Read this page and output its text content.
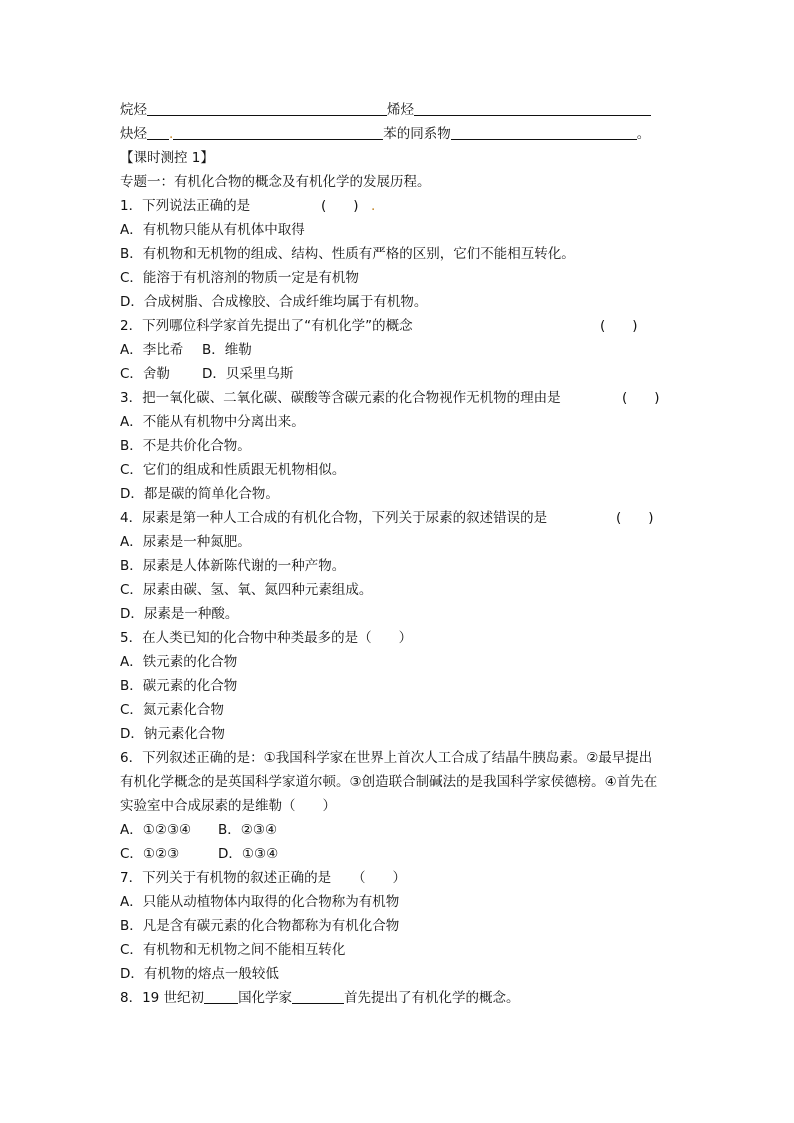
烷烃	烯烃
炔烃 .	苯的同系物	。
【课时测控 1】
专题一：有机化合物的概念及有机化学的发展历程。
1．下列说法正确的是	(　　) .
A．有机物只能从有机体中取得
B．有机物和无机物的组成、结构、性质有严格的区别，它们不能相互转化。
C．能溶于有机溶剂的物质一定是有机物
D．合成树脂、合成橡胶、合成纤维均属于有机物。
2．下列哪位科学家首先提出了“有机化学”的概念	(　　)
A．李比希 B．维勒
C．舍勒 D．贝采里乌斯
3．把一氧化碳、二氧化碳、碳酸等含碳元素的化合物视作无机物的理由是	(　　)
A．不能从有机物中分离出来。
B．不是共价化合物。
C．它们的组成和性质跟无机物相似。
D．都是碳的简单化合物。
4．尿素是第一种人工合成的有机化合物，下列关于尿素的叙述错误的是	(　　)
A．尿素是一种氮肥。
B．尿素是人体新陈代谢的一种产物。
C．尿素由碳、氢、氧、氮四种元素组成。
D．尿素是一种酸。
5．在人类已知的化合物中种类最多的是（　　）
A．铁元素的化合物
B．碳元素的化合物
C．氮元素化合物
D．钠元素化合物
6．下列叙述正确的是：①我国科学家在世界上首次人工合成了结晶牛胰岛素。②最早提出
有机化学概念的是英国科学家道尔顿。③创造联合制碱法的是我国科学家侯德榜。④首先在
实验室中合成尿素的是维勒（　　）
A．①②③④ B．②③④
C．①②③	D．①③④
7．下列关于有机物的叙述正确的是 （　　）
A．只能从动植物体内取得的化合物称为有机物
B．凡是含有碳元素的化合物都称为有机化合物
C．有机物和无机物之间不能相互转化
D．有机物的熔点一般较低
8．19 世纪初	国化学家	首先提出了有机化学的概念。
